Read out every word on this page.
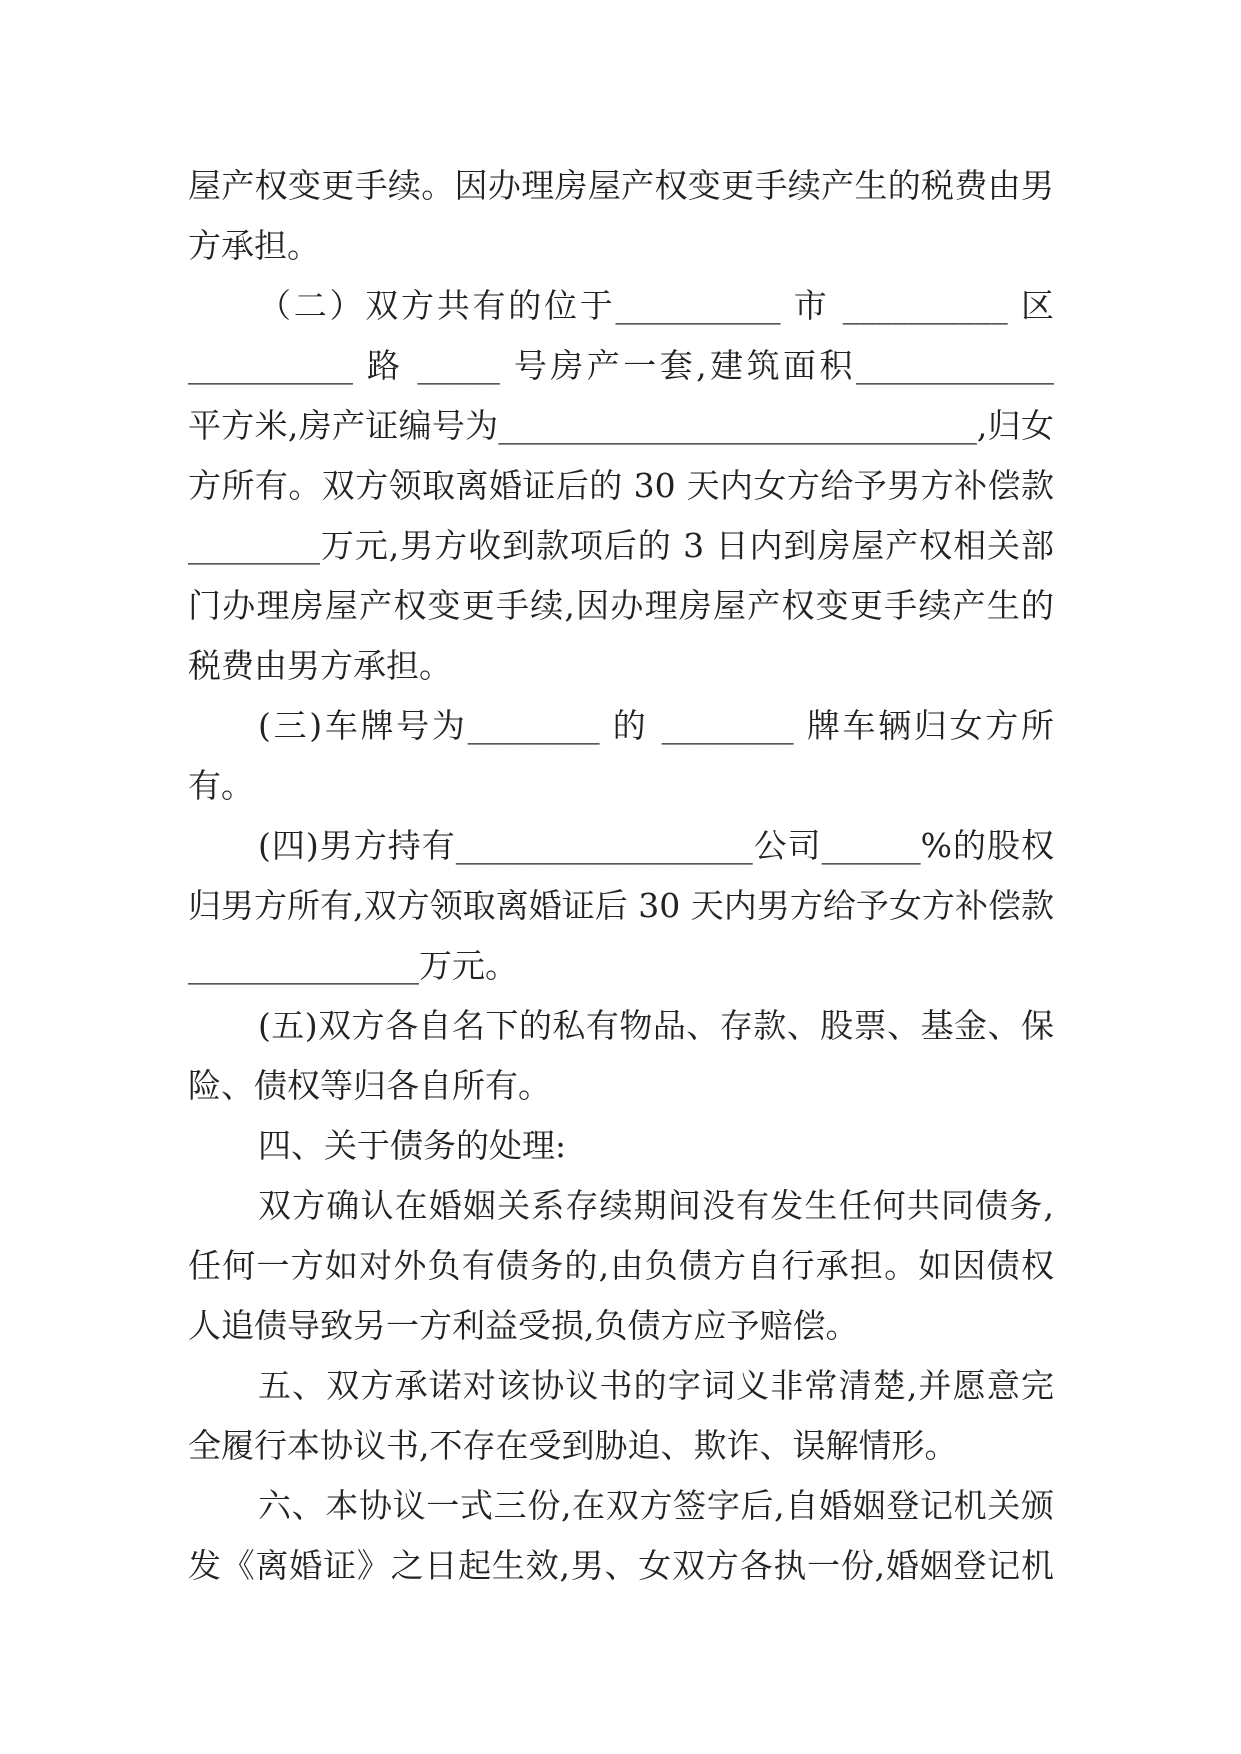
屋产权变更手续。因办理房屋产权变更手续产生的税费由男
方承担。
（二）双方共有的位于__________ 市 __________ 区
__________ 路 _____ 号房产一套,建筑面积____________
平方米,房产证编号为_____________________________,归女
方所有。双方领取离婚证后的 30 天内女方给予男方补偿款
________万元,男方收到款项后的 3 日内到房屋产权相关部
门办理房屋产权变更手续,因办理房屋产权变更手续产生的
税费由男方承担。
(三)车牌号为________ 的 ________ 牌车辆归女方所
有。
(四)男方持有__________________公司______%的股权
归男方所有,双方领取离婚证后 30 天内男方给予女方补偿款
______________万元。
(五)双方各自名下的私有物品、存款、股票、基金、保
险、债权等归各自所有。
四、关于债务的处理:
双方确认在婚姻关系存续期间没有发生任何共同债务,
任何一方如对外负有债务的,由负债方自行承担。如因债权
人追债导致另一方利益受损,负债方应予赔偿。
五、双方承诺对该协议书的字词义非常清楚,并愿意完
全履行本协议书,不存在受到胁迫、欺诈、误解情形。
六、本协议一式三份,在双方签字后,自婚姻登记机关颁
发《离婚证》之日起生效,男、女双方各执一份,婚姻登记机
